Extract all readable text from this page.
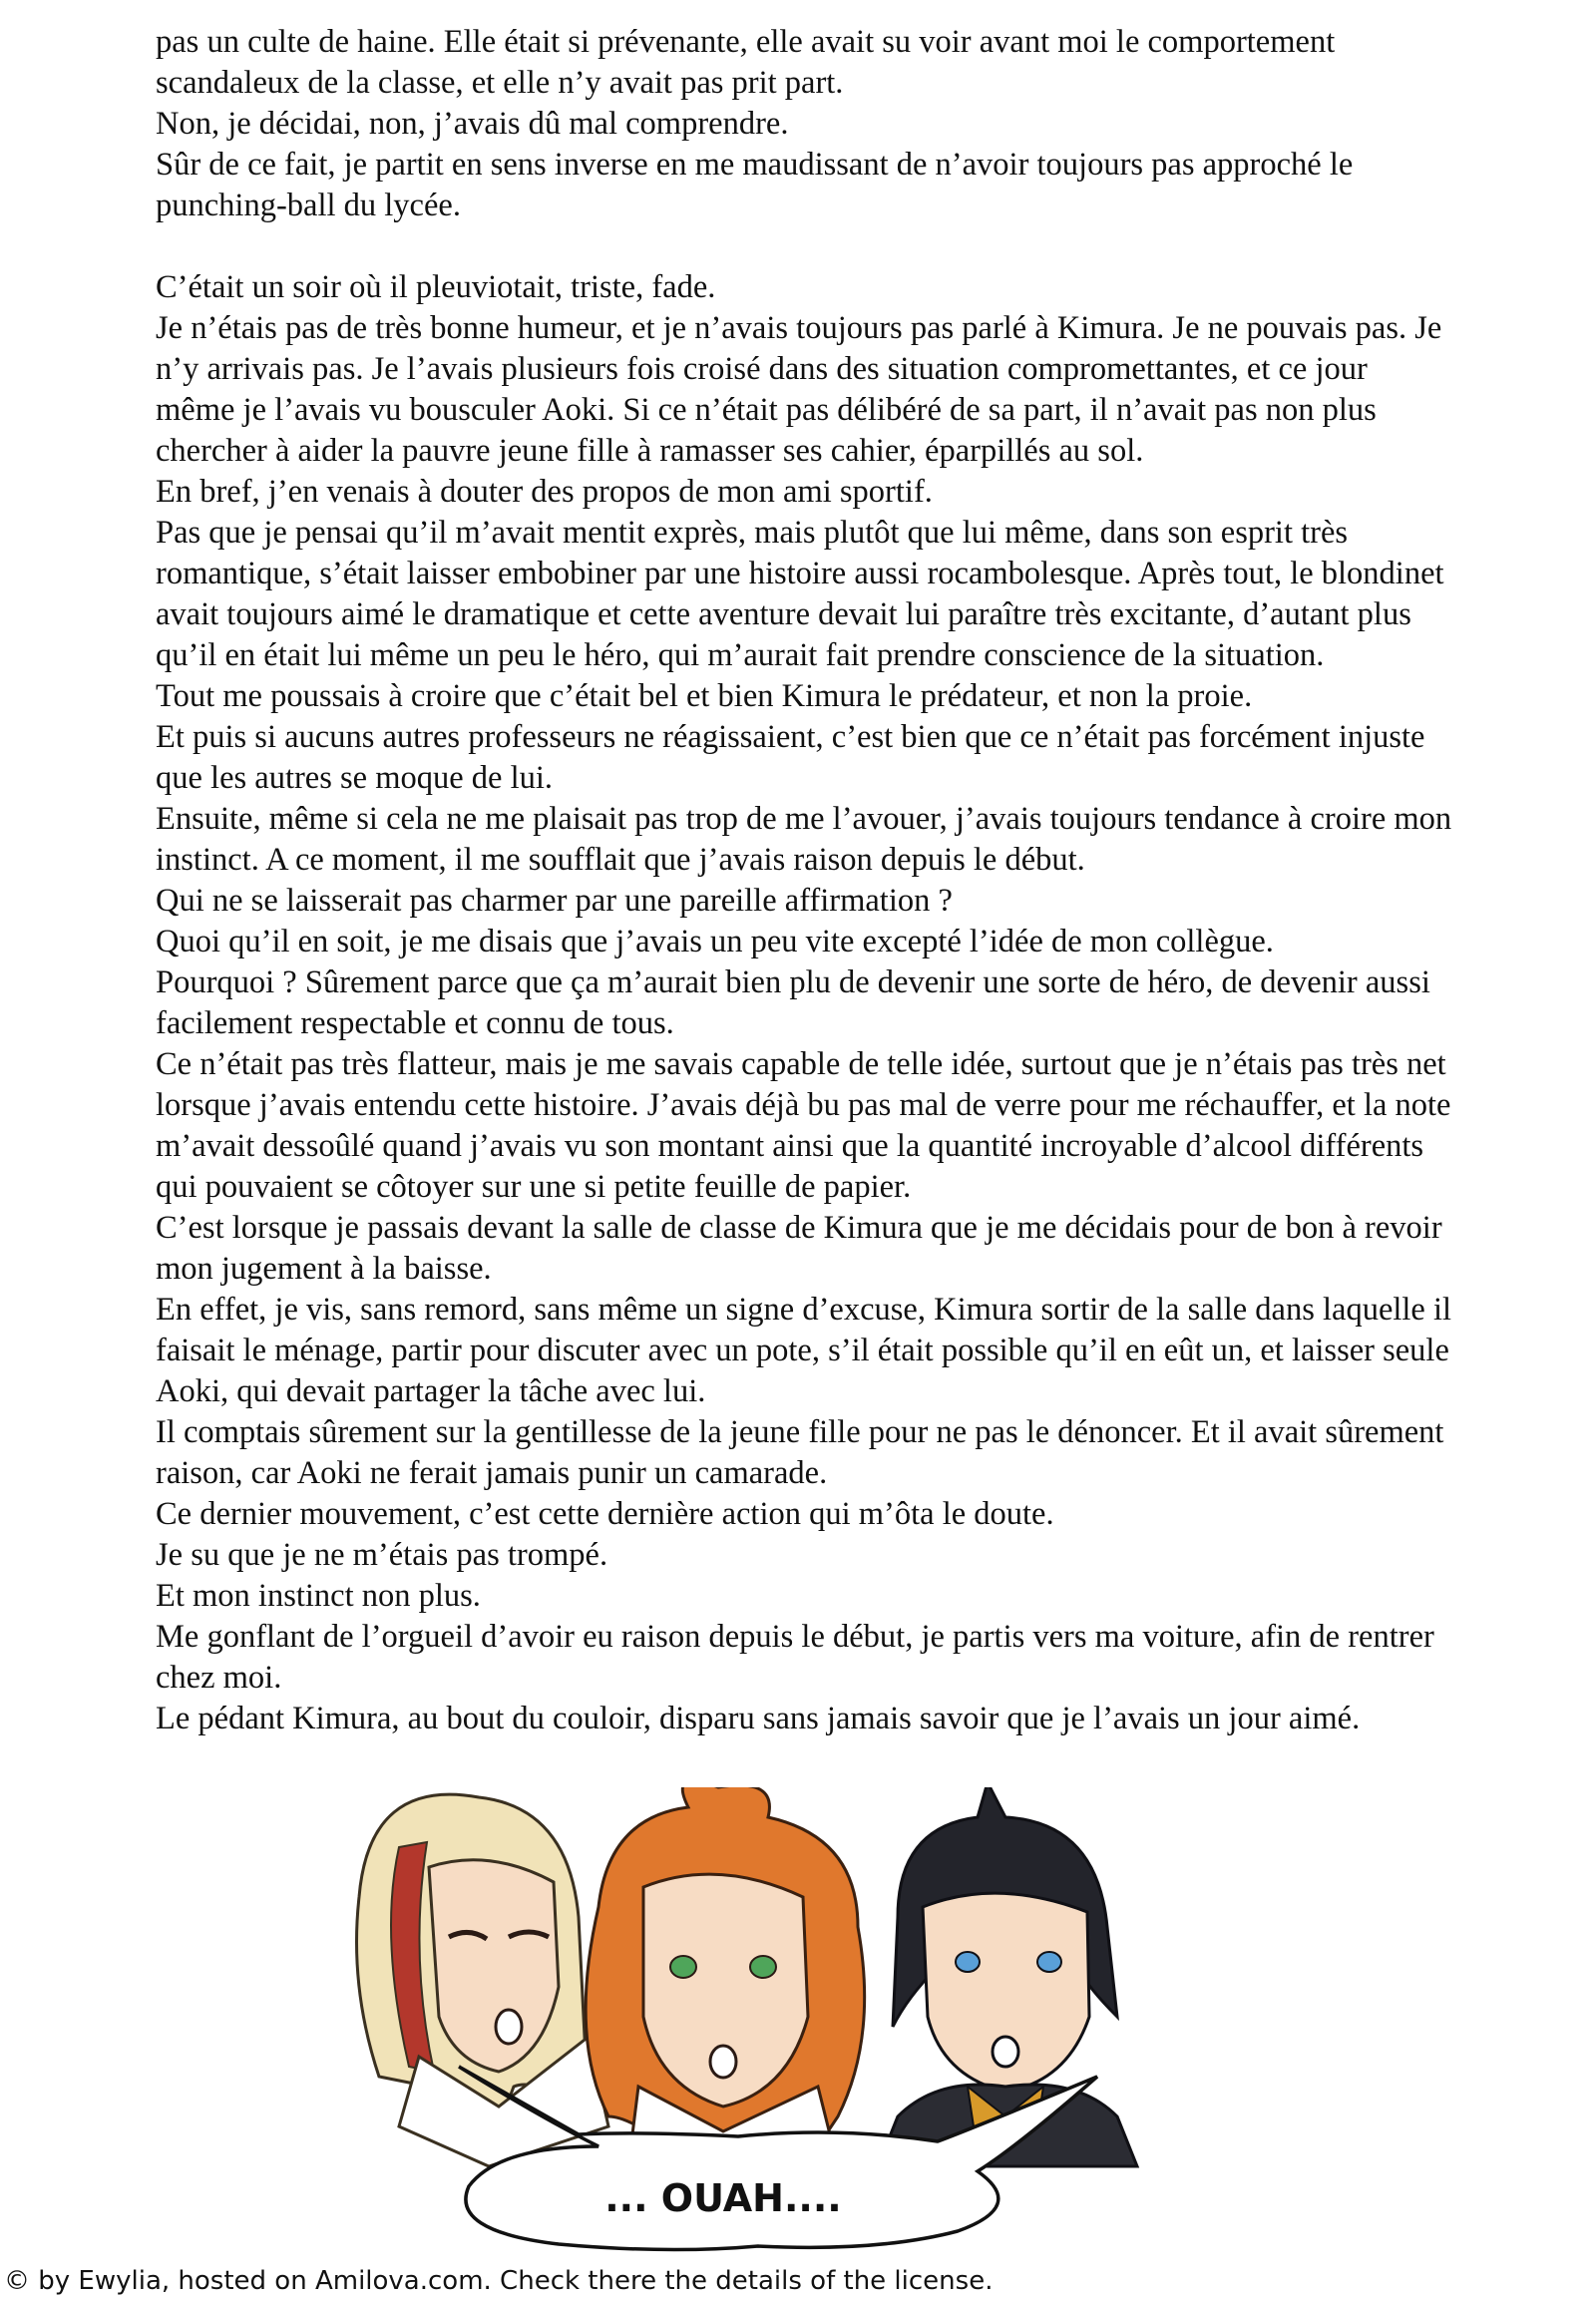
pas un culte de haine. Elle était si prévenante, elle avait su voir avant moi le comportement scandaleux de la classe, et elle n’y avait pas prit part.

Non, je décidai, non, j’avais dû mal comprendre.

Sûr de ce fait, je partit en sens inverse en me maudissant de n’avoir toujours pas approché le punching-ball du lycée.

C’était un soir où il pleuviotait, triste, fade.

Je n’étais pas de très bonne humeur, et je n’avais toujours pas parlé à Kimura. Je ne pouvais pas. Je n’y arrivais pas. Je l’avais plusieurs fois croisé dans des situation compromettantes, et ce jour même je l’avais vu bousculer Aoki. Si ce n’était pas délibéré de sa part, il n’avait pas non plus chercher à aider la pauvre jeune fille à ramasser ses cahier, éparpillés au sol.

En bref, j’en venais à douter des propos de mon ami sportif.

Pas que je pensai qu’il m’avait mentit exprès, mais plutôt que lui même, dans son esprit très romantique, s’était laisser embobiner par une histoire aussi rocambolesque. Après tout, le blondinet avait toujours aimé le dramatique et cette aventure devait lui paraître très excitante, d’autant plus qu’il en était lui même un peu le héro, qui m’aurait fait prendre conscience de la situation.

Tout me poussais à croire que c’était bel et bien Kimura le prédateur, et non la proie.

Et puis si aucuns autres professeurs ne réagissaient, c’est bien que ce n’était pas forcément injuste que les autres se moque de lui.

Ensuite, même si cela ne me plaisait pas trop de me l’avouer, j’avais toujours tendance à croire mon instinct. A ce moment, il me soufflait que j’avais raison depuis le début.

Qui ne se laisserait pas charmer par une pareille affirmation ?

Quoi qu’il en soit, je me disais que j’avais un peu vite excepté l’idée de mon collègue.

Pourquoi ? Sûrement parce que ça m’aurait bien plu de devenir une sorte de héro, de devenir aussi facilement respectable et connu de tous.

Ce n’était pas très flatteur, mais je me savais capable de telle idée, surtout que je n’étais pas très net lorsque j’avais entendu cette histoire. J’avais déjà bu pas mal de verre pour me réchauffer, et la note m’avait dessoûlé quand j’avais vu son montant ainsi que la quantité incroyable d’alcool différents qui pouvaient se côtoyer sur une si petite feuille de papier.

C’est lorsque je passais devant la salle de classe de Kimura que je me décidais pour de bon à revoir mon jugement à la baisse.

En effet, je vis, sans remord, sans même un signe d’excuse, Kimura sortir de la salle dans laquelle il faisait le ménage, partir pour discuter avec un pote, s’il était possible qu’il en eût un, et laisser seule Aoki, qui devait partager la tâche avec lui.

Il comptais sûrement sur la gentillesse de la jeune fille pour ne pas le dénoncer. Et il avait sûrement raison, car Aoki ne ferait jamais punir un camarade.

Ce dernier mouvement, c’est cette dernière action qui m’ôta le doute.

Je su que je ne m’étais pas trompé.

Et mon instinct non plus.

Me gonflant de l’orgueil d’avoir eu raison depuis le début, je partis vers ma voiture, afin de rentrer chez moi.

Le pédant Kimura, au bout du couloir, disparu sans jamais savoir que je l’avais un jour aimé.

... OUAH....
© by Ewylia, hosted on Amilova.com. Check there the details of the license.
